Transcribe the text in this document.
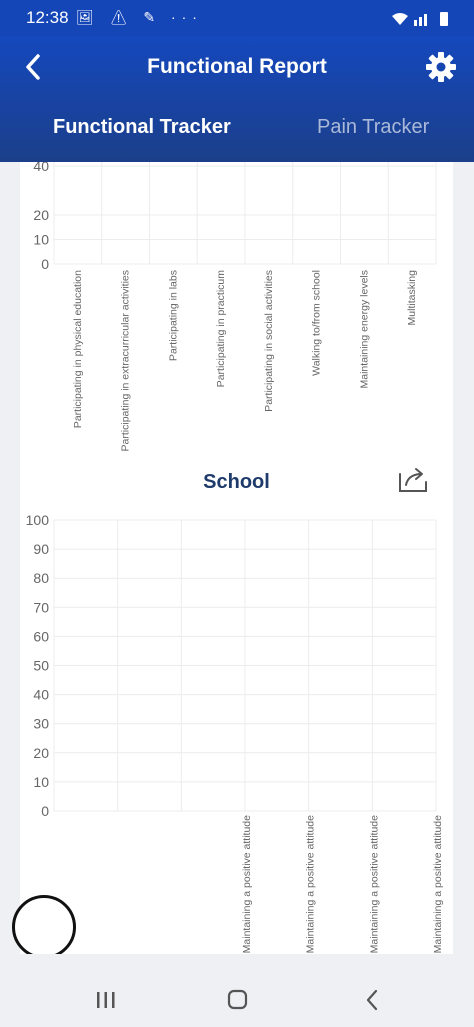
12:38 🖼 ⚠ ✎ ···
Functional Report
Functional Tracker	Pain Tracker
0
10
20
40
Participating in physical education	Participating in extracurricular activities	Participating in labs	Participating in practicum	Participating in social activities	Walking to/from school	Maintaining energy levels	Multitasking
School
0
10
20
30
40
50
60
70
80
90
100
Maintaining a positive attitude	Maintaining a positive attitude	Maintaining a positive attitude	Maintaining a positive attitude
